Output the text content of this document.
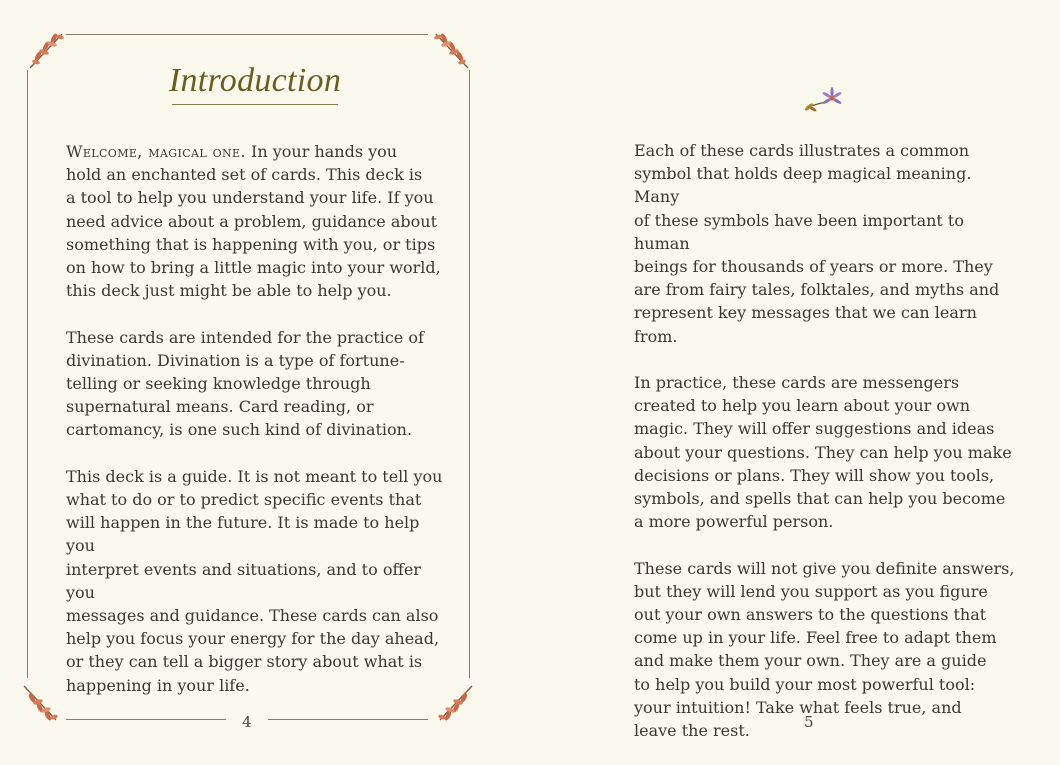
Introduction

Welcome, magical one. In your hands you
hold an enchanted set of cards. This deck is
a tool to help you understand your life. If you
need advice about a problem, guidance about
something that is happening with you, or tips
on how to bring a little magic into your world,
this deck just might be able to help you.

These cards are intended for the practice of
divination. Divination is a type of fortune-
telling or seeking knowledge through
supernatural means. Card reading, or
cartomancy, is one such kind of divination.

This deck is a guide. It is not meant to tell you
what to do or to predict specific events that
will happen in the future. It is made to help you
interpret events and situations, and to offer you
messages and guidance. These cards can also
help you focus your energy for the day ahead,
or they can tell a bigger story about what is
happening in your life.

4

Each of these cards illustrates a common
symbol that holds deep magical meaning. Many
of these symbols have been important to human
beings for thousands of years or more. They
are from fairy tales, folktales, and myths and
represent key messages that we can learn from.

In practice, these cards are messengers
created to help you learn about your own
magic. They will offer suggestions and ideas
about your questions. They can help you make
decisions or plans. They will show you tools,
symbols, and spells that can help you become
a more powerful person.

These cards will not give you definite answers,
but they will lend you support as you figure
out your own answers to the questions that
come up in your life. Feel free to adapt them
and make them your own. They are a guide
to help you build your most powerful tool:
your intuition! Take what feels true, and
leave the rest.	5
